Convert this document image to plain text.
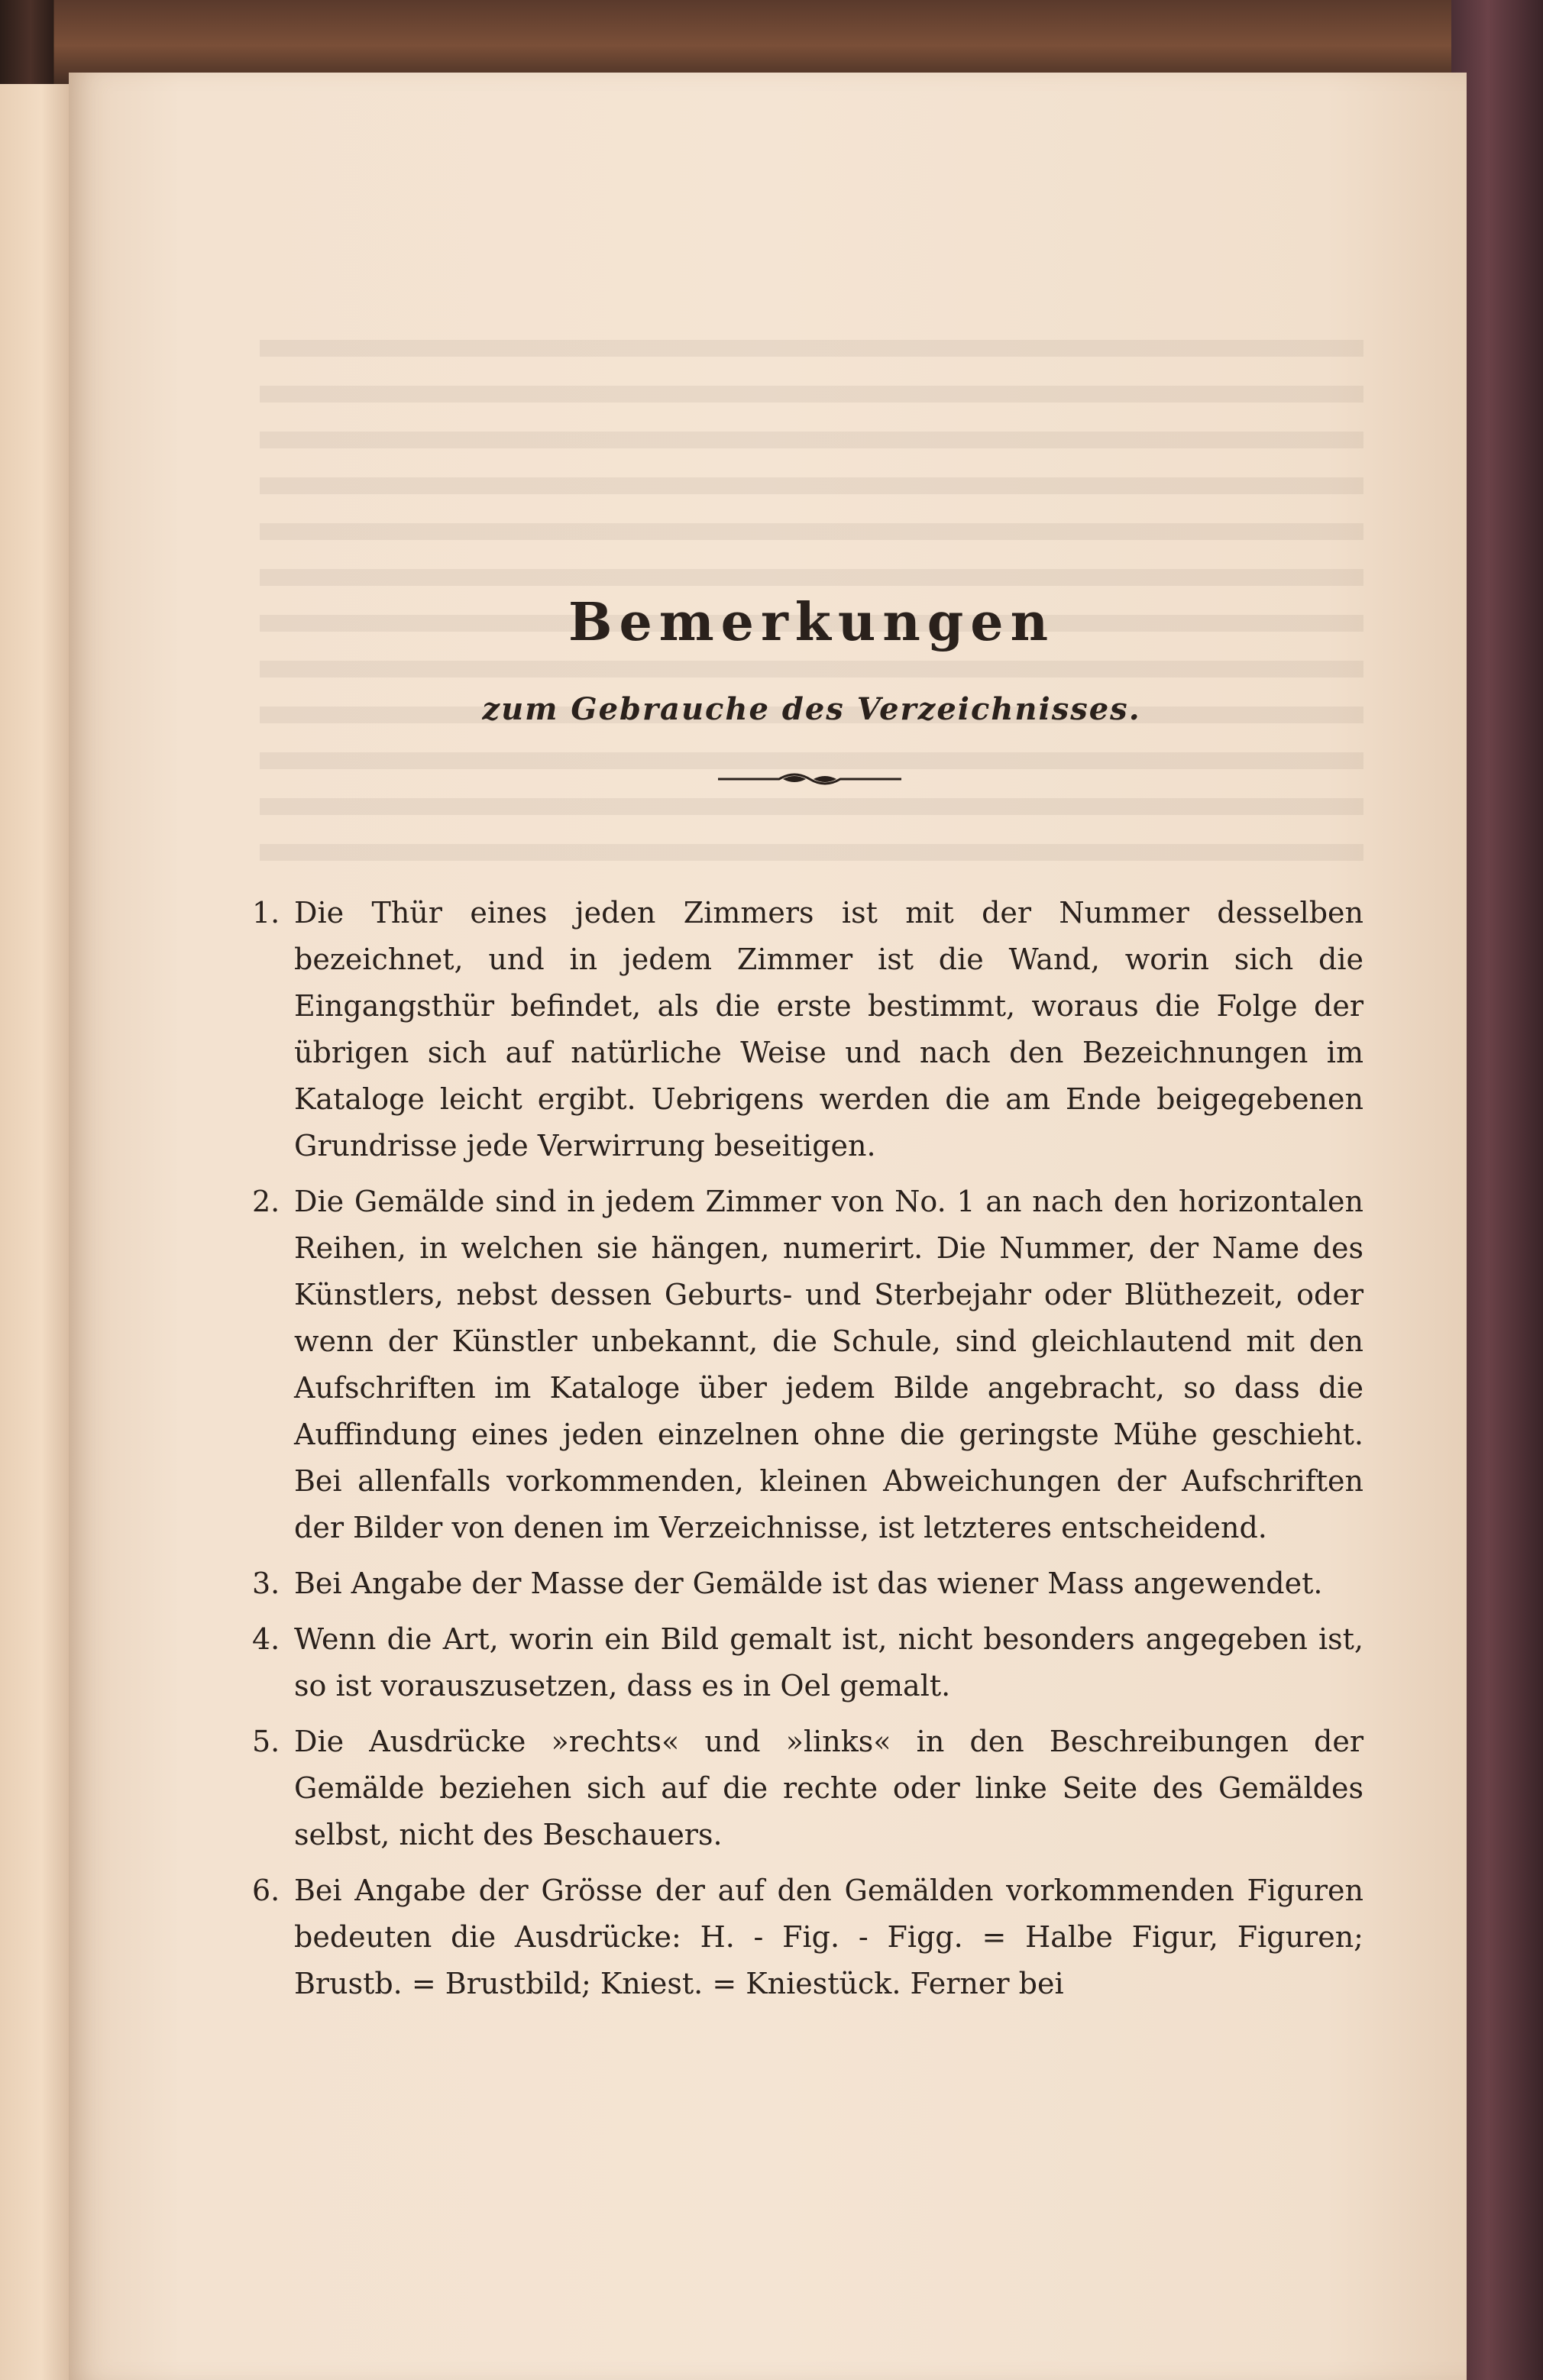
Bemerkungen

zum Gebrauche des Verzeichnisses.

1. Die Thür eines jeden Zimmers ist mit der Nummer desselben bezeichnet, und in jedem Zimmer ist die Wand, worin sich die Eingangsthür befindet, als die erste bestimmt, woraus die Folge der übrigen sich auf natürliche Weise und nach den Bezeichnungen im Kataloge leicht ergibt. Uebrigens werden die am Ende beigegebenen Grundrisse jede Verwirrung beseitigen.
2. Die Gemälde sind in jedem Zimmer von No. 1 an nach den horizontalen Reihen, in welchen sie hängen, numerirt. Die Nummer, der Name des Künstlers, nebst dessen Geburts- und Sterbejahr oder Blüthezeit, oder wenn der Künstler unbekannt, die Schule, sind gleichlautend mit den Aufschriften im Kataloge über jedem Bilde angebracht, so dass die Auffindung eines jeden einzelnen ohne die geringste Mühe geschieht. Bei allenfalls vorkommenden, kleinen Abweichungen der Aufschriften der Bilder von denen im Verzeichnisse, ist letzteres entscheidend.
3. Bei Angabe der Masse der Gemälde ist das wiener Mass angewendet.
4. Wenn die Art, worin ein Bild gemalt ist, nicht besonders angegeben ist, so ist vorauszusetzen, dass es in Oel gemalt.
5. Die Ausdrücke »rechts« und »links« in den Beschreibungen der Gemälde beziehen sich auf die rechte oder linke Seite des Gemäldes selbst, nicht des Beschauers.
6. Bei Angabe der Grösse der auf den Gemälden vorkommenden Figuren bedeuten die Ausdrücke: H. - Fig. - Figg. = Halbe Figur, Figuren; Brustb. = Brustbild; Kniest. = Kniestück. Ferner bei
